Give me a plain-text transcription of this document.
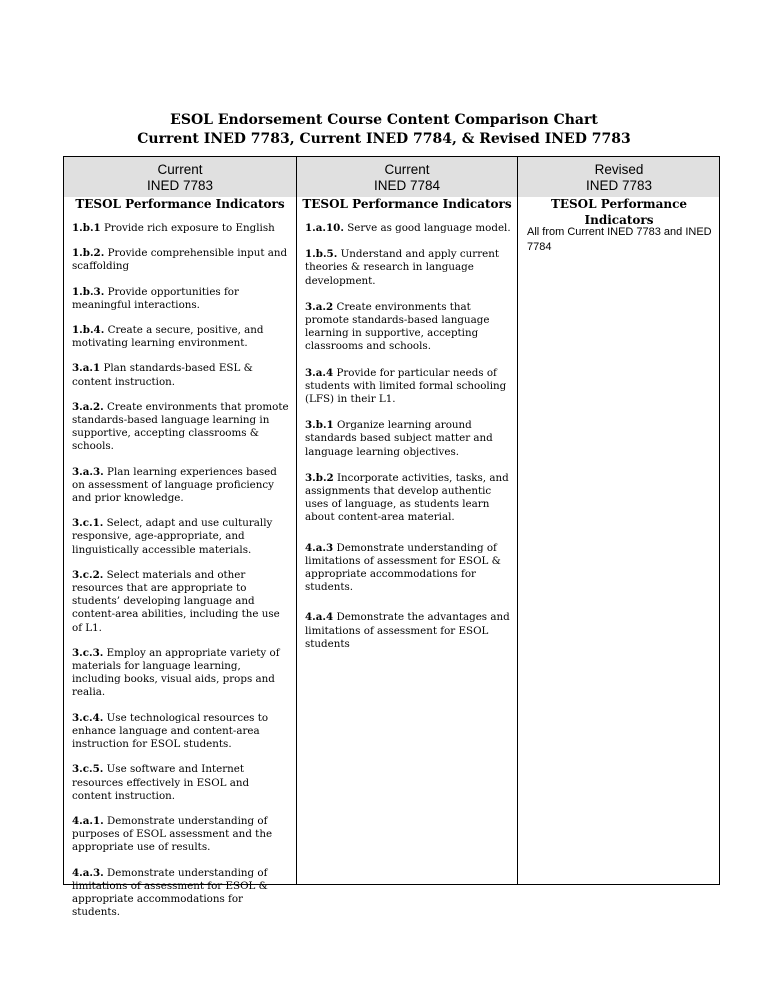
ESOL Endorsement Course Content Comparison Chart
Current INED 7783, Current INED 7784, & Revised INED 7783
Current
INED 7783
TESOL Performance Indicators
Current
INED 7784
TESOL Performance Indicators
Revised
INED 7783
TESOL Performance Indicators

1.b.1 Provide rich exposure to English

1.b.2. Provide comprehensible input and scaffolding

1.b.3. Provide opportunities for meaningful interactions.

1.b.4. Create a secure, positive, and motivating learning environment.

3.a.1 Plan standards-based ESL & content instruction.

3.a.2. Create environments that promote standards-based language learning in supportive, accepting classrooms & schools.

3.a.3. Plan learning experiences based on assessment of language proficiency and prior knowledge.

3.c.1. Select, adapt and use culturally responsive, age-appropriate, and linguistically accessible materials.

3.c.2. Select materials and other resources that are appropriate to students’ developing language and content-area abilities, including the use of L1.

3.c.3. Employ an appropriate variety of materials for language learning, including books, visual aids, props and realia.

3.c.4. Use technological resources to enhance language and content-area instruction for ESOL students.

3.c.5. Use software and Internet resources effectively in ESOL and content instruction.

4.a.1. Demonstrate understanding of purposes of ESOL assessment and the appropriate use of results.

4.a.3. Demonstrate understanding of limitations of assessment for ESOL & appropriate accommodations for students.

1.a.10. Serve as good language model.

1.b.5. Understand and apply current theories & research in language development.

3.a.2 Create environments that promote standards-based language learning in supportive, accepting classrooms and schools.

3.a.4 Provide for particular needs of students with limited formal schooling (LFS) in their L1.

3.b.1 Organize learning around standards based subject matter and language learning objectives.

3.b.2 Incorporate activities, tasks, and assignments that develop authentic uses of language, as students learn about content-area material.

4.a.3 Demonstrate understanding of limitations of assessment for ESOL & appropriate accommodations for students.

4.a.4 Demonstrate the advantages and limitations of assessment for ESOL students

All from Current INED 7783 and INED 7784
